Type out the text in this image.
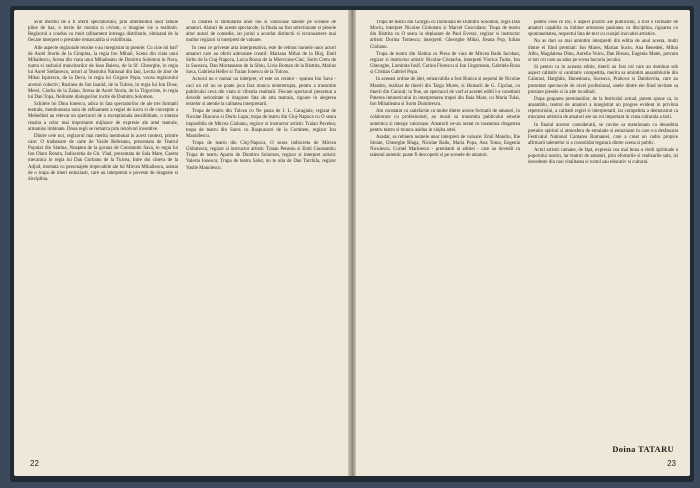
avut meritul de a fi oferit spectatorului, prin intermediul unor fabule pline de haz, o lectie de morala si civism, o imagine vie a realitatii. Regizorul a condus cu mult rafinament intreaga distributie, obtinand de la fiecare interpret o prestatie remarcabila si echilibrata.

Alte aspecte regizorale reusite s-au inregistrat in piesele: Cu cine mi bat? de Aurel Storin de la Cimpina, la regia Ion Mihail, Scena din viata unui Mihailescu, Scena din viata unui Mihaileanu de Dumitru Solomon in Nora, nunta si rasboiul muncitorilor de Ioan Baiesu, de la Sf. Gheorghe, in regia lui Aurel Stefanescu, actori ai Teatrului National din Iasi, Lectia de zbor de Mihai Ispirescu, de la Deva, in regia lui Grigore Popa, vocea regizorului acestui colectiv; Rusinea de Ion Ioanid, de la Tulcea, in regia lui Ion Dose, Mersi, Ciorba de la Zalau, Scena de Aurel Storin, de la Tirgoviste, in regia lui Dan Topa, Neliniste dialogurilor tocite de Dumitru Solomon.

Schiteie lui Dinu Ionescu, adica in fata spectatorilor de ale trei formatii teatrale, mentioneaza nota de rafinament a regiei de lucru si de conceptie a Mehedinti au relevat un spectacol de o exceptionala sensibilitate, o sinteza reusita a celor mai importante mijloace de expresie ale artei teatrale, armonios imbinate. Doua regii se remarca prin rezolvari inventive.

Dintre cele noi, regizorul mai merita mentionat in acest context, printre care: O tradatoare de carte de Vasile Rebreanu, prezentata de Teatrul Popular din Slatina, Noaptea de la gorana de Constantin Sava, in regia lui Ion Olaru Rotaru, Indiscretia de Gh. Vlad, prezentata de Sala Mare, Caseta mecanica in regia lui Dan Gurbanu de la Tulcea, Intre doi cineva de la Adjud, montata cu personajele impecabile ale lui Mircea Mihailescu, asistat de o trupa de tineri entuziasti, care au interpretat o poveste de dragoste si disciplina.

la crearea si stimularea unor noi si valoroase talente pe scenele de amatori. Alaturi de aceste spectacole, la finala au fost selectionate si piesele altor autori de comedie, iar juriul a acordat distinctii si recunoastere mai multor regizori si interpreti de valoare.

In ceea ce priveste arta interpretativa, este de retinut numele unor actori amatori care au oferit adevarate creatii: Mariana Mihai de la Blaj, Emil Sirbu de la Cluj-Napoca, Lucia Rozsa de la Miercurea-Ciuc, Sorin Cretu de la Suceava, Dan Mortaseanu de la Sibiu, Livia Roman de la Bistrita, Marius Sava, Gabriela Heller si Traian Ionescu de la Tulcea.

Actorul nu e numai un interpret, el este un creator - spunea Ion Sava - caci un rol nu se poate juca fara munca neintrerupta, pentru a transmite publicului ceva din viata si vibratia realitatii. Fiecare spectacol prezentat a dovedit seriozitate si dragoste fata de arta teatrala, rigoare in alegerea textelor si atentie la calitatea interpretarii.

Trupa de teatru din Tulcea cu Ne pasta de I. L. Caragiale, regizat de Nicolae Diaconu si Dorin Lupu; trupa de teatru din Cluj-Napoca cu O seara imposibila de Mircea Ciobanu, regizor si instructor artistic Traian Pavelea; trupa de teatru din Saros cu Raspunsuri de la Comitete, regizor Ion Manoilescu.

Trupa de teatru din Cluj-Napoca, O seara indiscreta de Mircea Ghitulescu, regizor si instructor artistic Traian Penesiu si Emil Constantin; Trupa de teatru Apartu de Dumitru Solomon, regizor si interpret artistic Valeriu Ionescu; Trupa de teatru Salut, nu te uita de Dan Tarchila, regizor Vasile Manolescu.

22

Trupa de teatru din Giurgiu cu Iluminata de Dumitru Solomon, regia Dan Mociu, interpret Nicolae Ciobotaru si Marcel Coscodaru; Trupa de teatru din Bistrita cu O seara in deplasare de Paul Everac, regizor si instructor artistic Dorina Tomescu; interpreti: Gheorghe Mihai, Ileana Pop, Iulian Ciobanu.

Trupa de teatru din Slatina cu Piesa de vara de Mircea Radu Iacoban, regizor si instructor artistic Nicolae Cristache, interpreti Viorica Tudor, Ion Gheorghe, Luminita Iosif, Corina Florescu si Ion Ungureanu, Gabriela Rosu si Cristian Gabriel Popa.

In aceeasi ordine de idei, remarcabila a fost Bunica si nepotul de Nicolae Mandru, realizat de tinerii din Targu Mures, si Hoinarii de G. Ciprian, cu tinerii din Caracal; in fine, un spectacol de varf al acestei editii l-a constituit Puterea intunericului in interpretarea trupei din Baia Mare, cu Maria Tulai, Ion Mihaileanu si Sorin Dumitrescu.

Am constatat cu satisfactie ca multe dintre aceste formatii de amatori, in colaborare cu profesionisti, au reusit sa transmita publicului emotie autentica si mesaje valoroase. Amatorii ne-au aratat ce inseamna dragostea pentru teatru si munca asidua in slujba artei.

Asadar, sa retinem numele unor interpreti de valoare: Emil Mandru, Ilie Stoian, Gheorghe Blaga, Nicolae Radu, Maria Popa, Ana Toma, Eugenia Niculescu, Cornel Marinescu - premianti ai editiei - care au dovedit ca talentul autentic poate fi descoperit si pe scenele de amatori.

pentru ceea ce fac, e aspect pozitiv ale publicului, a fost o formatie de amatori capabila sa imbine armonios pasiunea cu disciplina, rigoarea cu spontaneitatea, respectul fata de text cu curajul inovatiei artistice.

Nu as dori sa mai amintim interpretii din editia de anul acesta, multi dintre ei fiind premiati: Ion Mares, Marian Suciu, Ana Benedek, Mihai Albu, Magdalena Dinu, Aurelia Voicu, Dan Birsan, Eugenia Matei, precum si toti cei care au adus pe scena bucuria jocului.

Si pentru ca in aceasta editie, tinerii au fost cei care au dominat sub aspect calitativ si cantitativ competitia, merita sa amintim ansamblurile din Calarasi, Harghita, Hunedoara, Suceava, Prahova si Dambovita, care au prezentat spectacole de nivel profesional, unele dintre ele fiind invitate sa prezinte piesele si in alte localitati.

Dupa gruparea premiantilor, de la festivalul actual, putem spune ca, in ansamblu, teatrul de amatori a inregistrat un progres evident in privinta repertoriului, a calitatii regiei si interpretarii, iar competitia a demonstrat ca miscarea artistica de amatori are un rol important in viata culturala a tarii.

In finalul acestor consideratii, se cuvine sa mentionam cu deosebita pretuire spiritul si atmosfera de emulatie si entuziasm in care s-a desfasurat Festivalul National Cantarea Romaniei, care a creat un cadru propice afirmarii talentelor si a consolidat legatura dintre scena si public.

Actul artistic ramane, de fapt, expresia cea mai buna a vietii spirituale a poporului nostru, iar teatrul de amatori, prin eforturile si realizarile sale, isi dovedeste din nou vitalitatea si rostul sau educativ si cultural.

Doina TATARU
23
